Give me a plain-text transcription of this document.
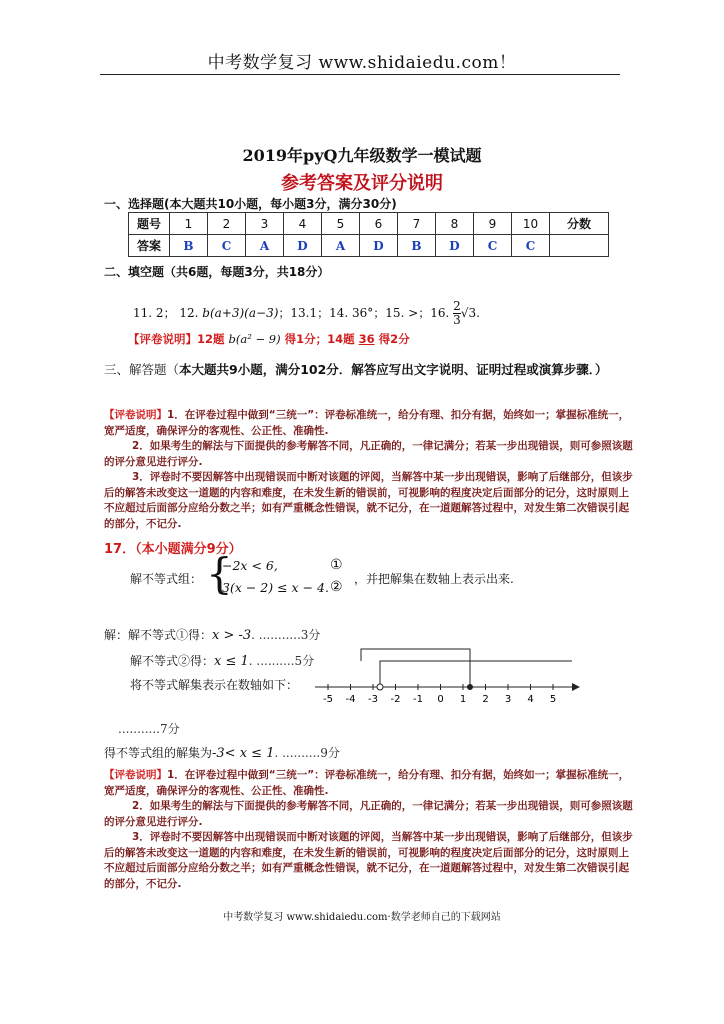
中考数学复习 www.shidaiedu.com！
2019年pyQ九年级数学一模试题
参考答案及评分说明
一、选择题(本大题共10小题，每小题3分，满分30分)
题号	1	2	3	4	5	6	7	8	9	10	分数
答案	B	C	A	D	A	D	B	D	C	C	
二、填空题（共6题，每题3分，共18分）
11. 2； 12. b(a+3)(a−3)；13.1；14. 36°；15. >；16. $\frac{2}{3} √3$.
【评卷说明】12题 b(a² − 9) 得1分；14题 36 得2分
三、解答题（本大题共9小题，满分102分．解答应写出文字说明、证明过程或演算步骤．）

【评卷说明】1．在评卷过程中做到“三统一”：评卷标准统一，给分有理、扣分有据，始终如一；掌握标准统一，宽严适度，确保评分的客观性、公正性、准确性.

2．如果考生的解法与下面提供的参考解答不同，凡正确的，一律记满分；若某一步出现错误，则可参照该题的评分意见进行评分.

3．评卷时不要因解答中出现错误而中断对该题的评阅，当解答中某一步出现错误，影响了后继部分，但该步后的解答未改变这一道题的内容和难度，在未发生新的错误前，可视影响的程度决定后面部分的记分，这时原则上不应超过后面部分应给分数之半；如有严重概念性错误，就不记分，在一道题解答过程中，对发生第二次错误引起的部分，不记分.

17．（本小题满分9分）
解不等式组： {
−2x < 6,
3(x − 2) ≤ x − 4.
①
② ，并把解集在数轴上表示出来.
解：解不等式①得：x > -3. ...........3分
解不等式②得：x ≤ 1. ..........5分
将不等式解集表示在数轴如下：
-5 -4 -3 -2 -1 0 1 2 3 4 5
...........7分
得不等式组的解集为-3< x ≤ 1. ..........9分

【评卷说明】1．在评卷过程中做到“三统一”：评卷标准统一，给分有理、扣分有据，始终如一；掌握标准统一，宽严适度，确保评分的客观性、公正性、准确性.

2．如果考生的解法与下面提供的参考解答不同，凡正确的，一律记满分；若某一步出现错误，则可参照该题的评分意见进行评分.

3．评卷时不要因解答中出现错误而中断对该题的评阅，当解答中某一步出现错误，影响了后继部分，但该步后的解答未改变这一道题的内容和难度，在未发生新的错误前，可视影响的程度决定后面部分的记分，这时原则上不应超过后面部分应给分数之半；如有严重概念性错误，就不记分，在一道题解答过程中，对发生第二次错误引起的部分，不记分.

中考数学复习 www.shidaiedu.com·数学老师自己的下载网站
